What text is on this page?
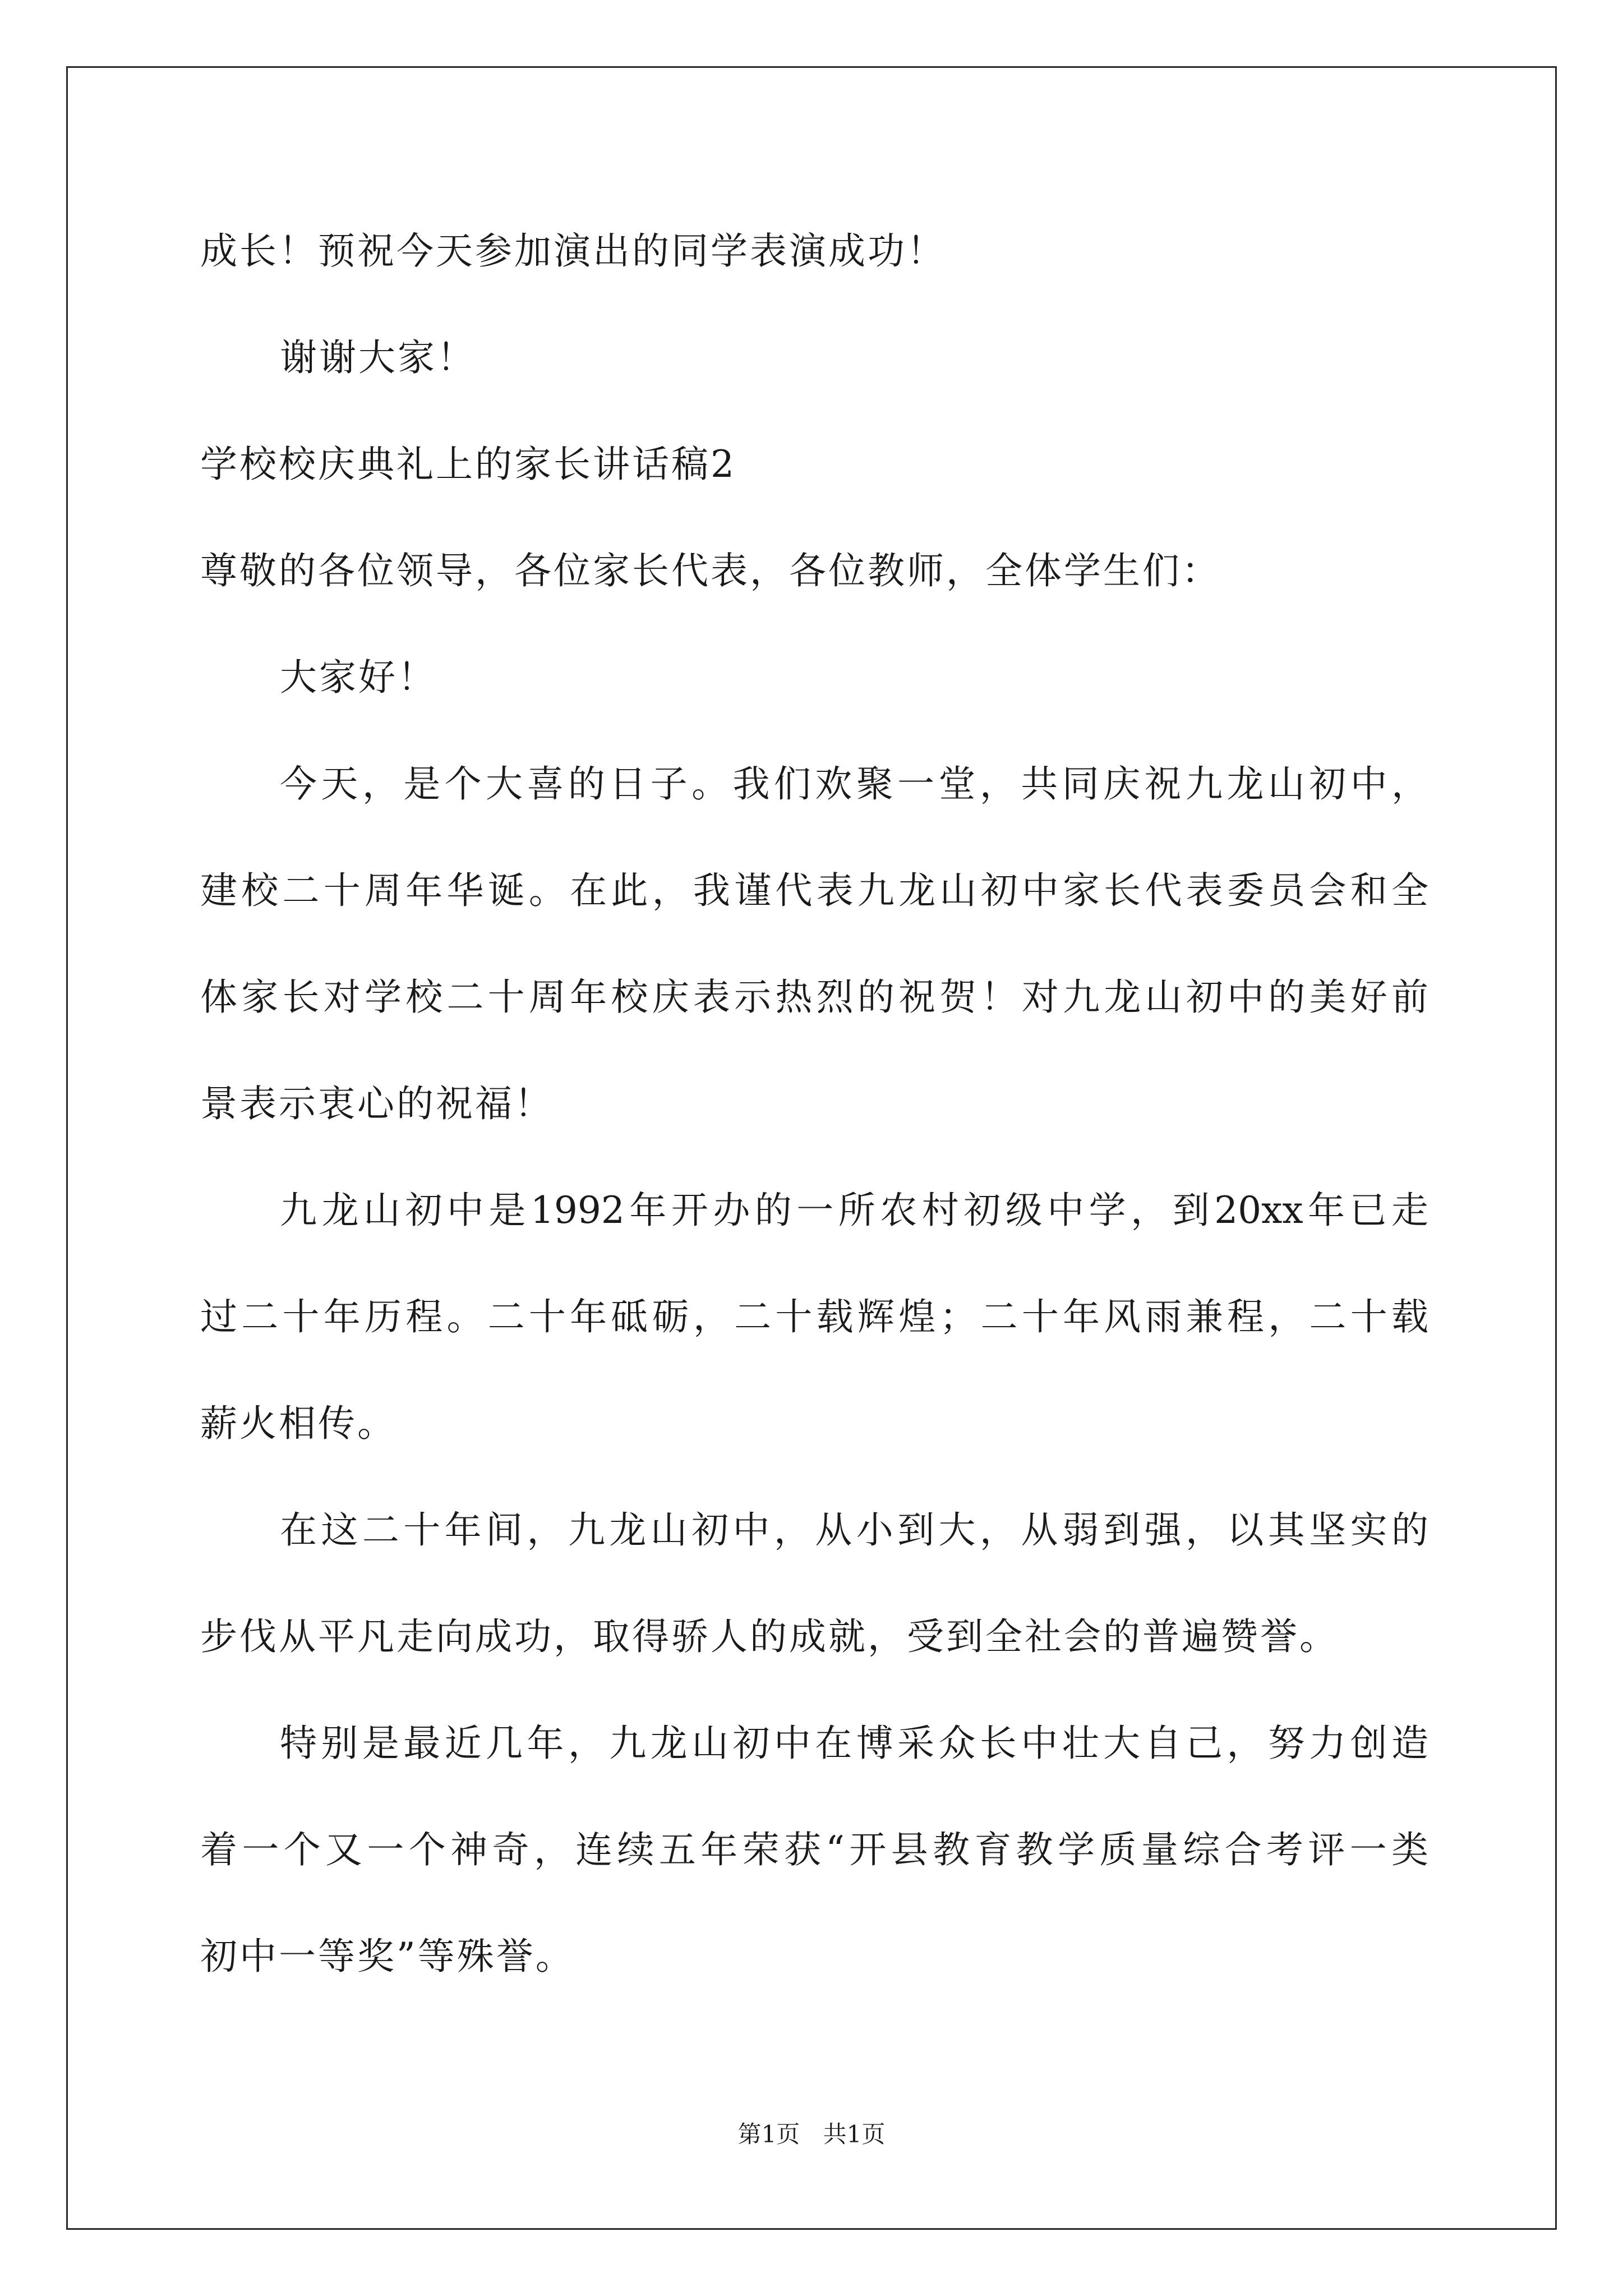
成长！预祝今天参加演出的同学表演成功！
谢谢大家！
学校校庆典礼上的家长讲话稿2
尊敬的各位领导，各位家长代表，各位教师，全体学生们：
大家好！
今天，是个大喜的日子。我们欢聚一堂，共同庆祝九龙山初中，
建校二十周年华诞。在此，我谨代表九龙山初中家长代表委员会和全
体家长对学校二十周年校庆表示热烈的祝贺！对九龙山初中的美好前
景表示衷心的祝福！
九龙山初中是1992年开办的一所农村初级中学，到20xx年已走
过二十年历程。二十年砥砺，二十载辉煌；二十年风雨兼程，二十载
薪火相传。
在这二十年间，九龙山初中，从小到大，从弱到强，以其坚实的
步伐从平凡走向成功，取得骄人的成就，受到全社会的普遍赞誉。
特别是最近几年，九龙山初中在博采众长中壮大自己，努力创造
着一个又一个神奇，连续五年荣获“开县教育教学质量综合考评一类
初中一等奖”等殊誉。
第1页 共1页
